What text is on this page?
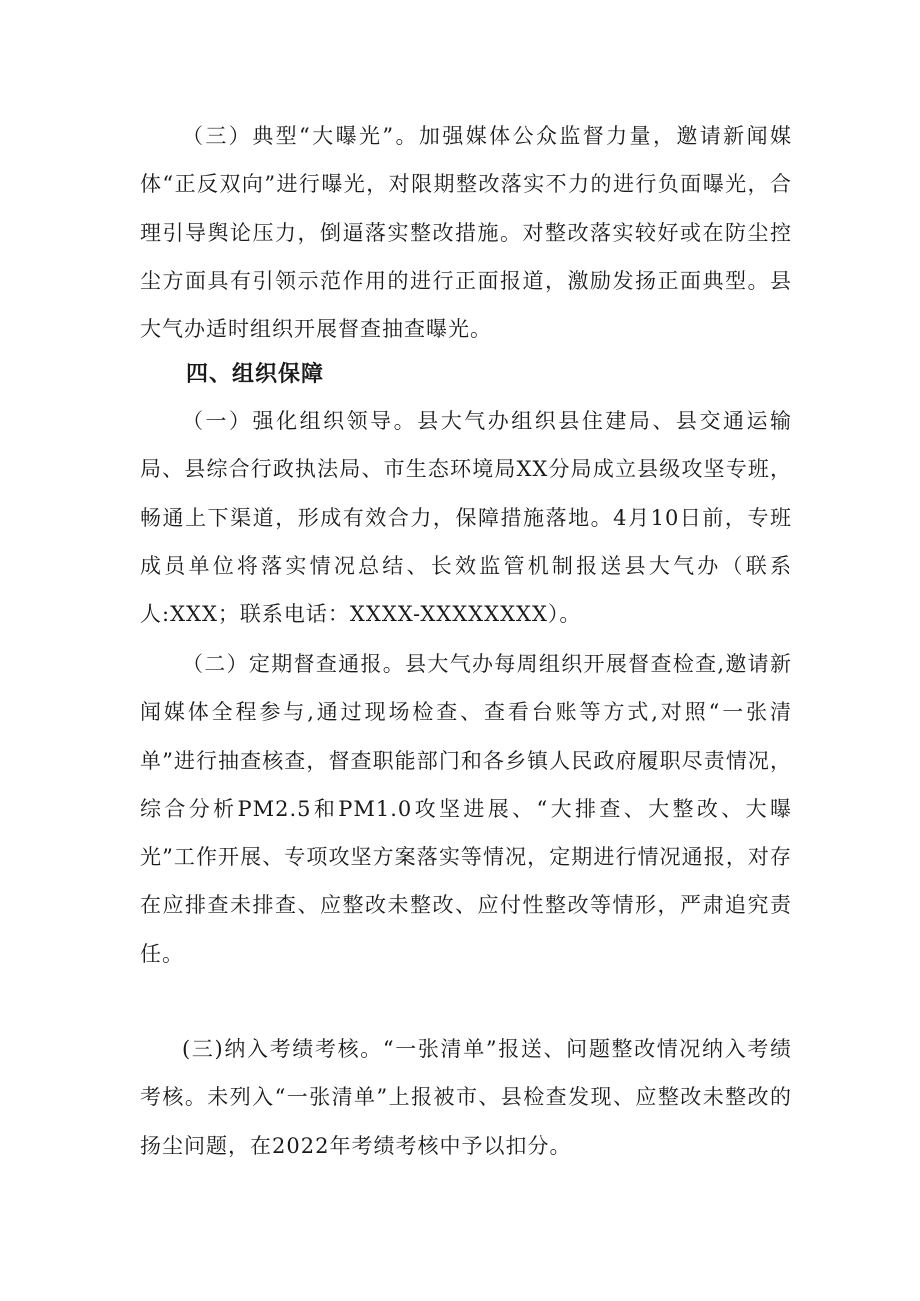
（三）典型“大曝光”。加强媒体公众监督力量，邀请新闻媒体“正反双向”进行曝光，对限期整改落实不力的进行负面曝光，合理引导舆论压力，倒逼落实整改措施。对整改落实较好或在防尘控尘方面具有引领示范作用的进行正面报道，激励发扬正面典型。县大气办适时组织开展督查抽查曝光。

四、组织保障

（一）强化组织领导。县大气办组织县住建局、县交通运输局、县综合行政执法局、市生态环境局XX分局成立县级攻坚专班，畅通上下渠道，形成有效合力，保障措施落地。4月10日前，专班成员单位将落实情况总结、长效监管机制报送县大气办（联系人:XXX；联系电话：XXXX-XXXXXXXX）。

（二）定期督查通报。县大气办每周组织开展督查检查,邀请新闻媒体全程参与,通过现场检查、查看台账等方式,对照“一张清单”进行抽查核查，督查职能部门和各乡镇人民政府履职尽责情况，综合分析PM2.5和PM1.0攻坚进展、“大排查、大整改、大曝光”工作开展、专项攻坚方案落实等情况，定期进行情况通报，对存在应排查未排查、应整改未整改、应付性整改等情形，严肃追究责任。

(三)纳入考绩考核。“一张清单”报送、问题整改情况纳入考绩考核。未列入“一张清单”上报被市、县检查发现、应整改未整改的扬尘问题，在2022年考绩考核中予以扣分。
